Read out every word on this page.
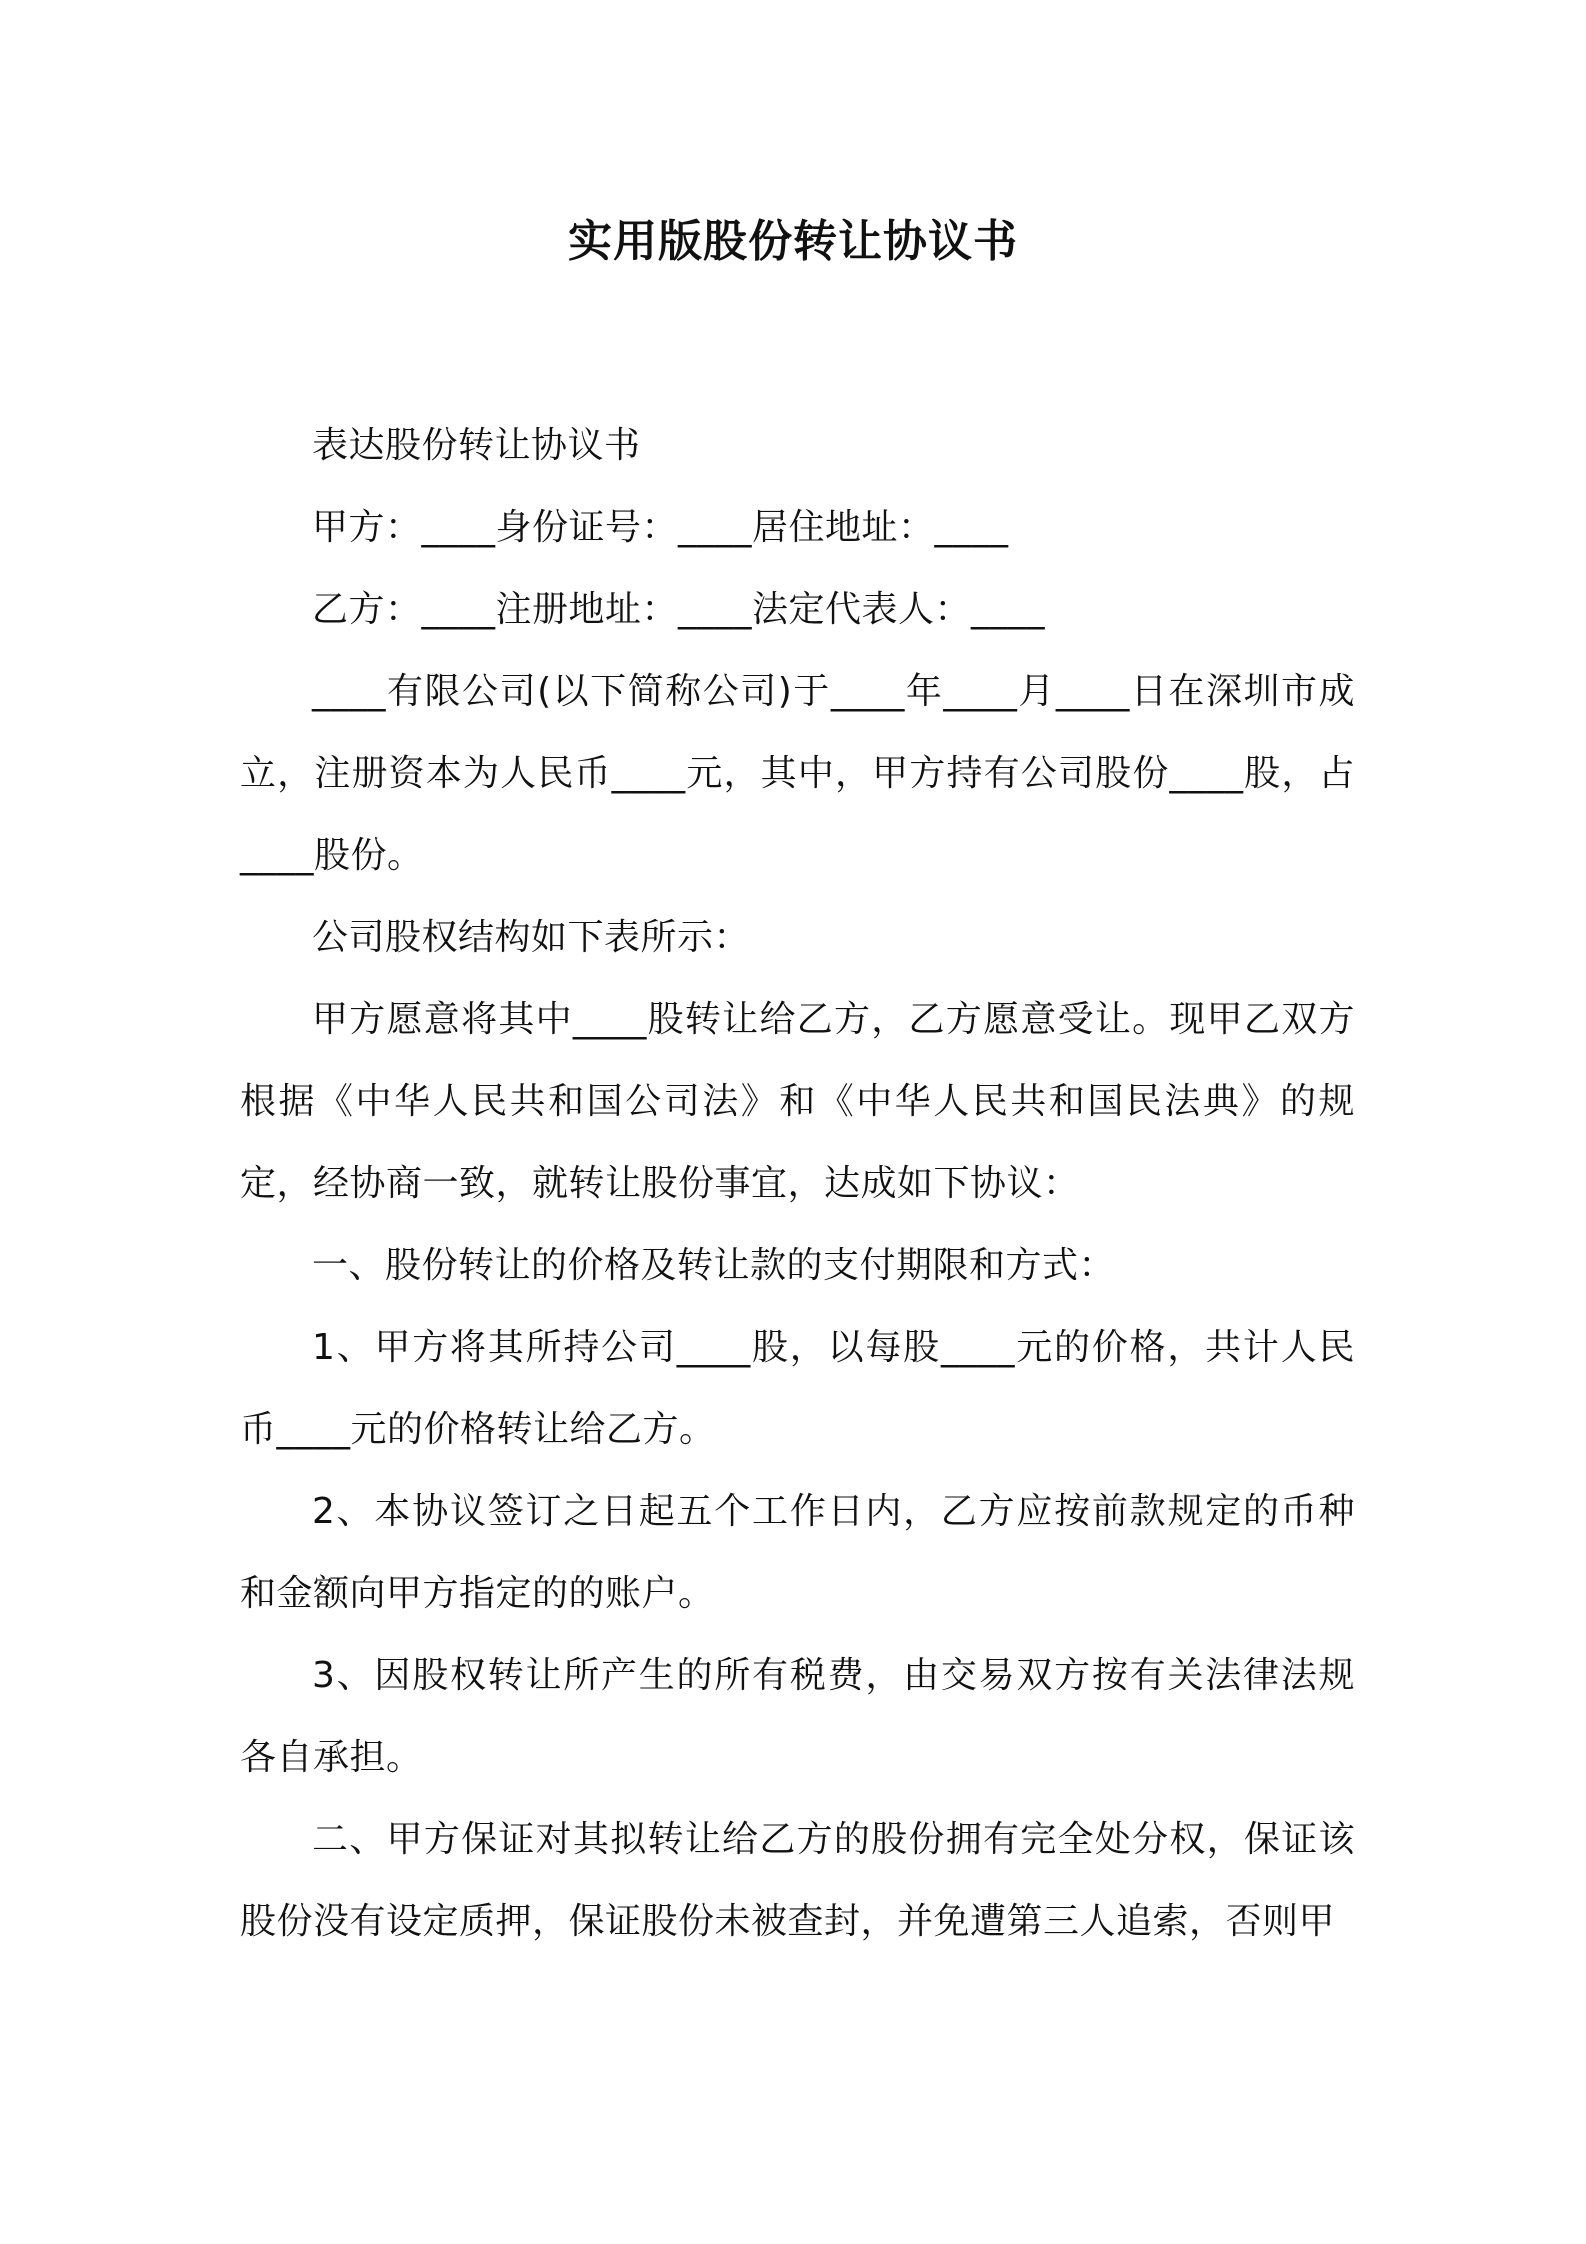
实用版股份转让协议书

表达股份转让协议书

甲方：____身份证号：____居住地址：____

乙方：____注册地址：____法定代表人：____

____有限公司(以下简称公司)于____年____月____日在深圳市成立，注册资本为人民币____元，其中，甲方持有公司股份____股，占____股份。

公司股权结构如下表所示：

甲方愿意将其中____股转让给乙方，乙方愿意受让。现甲乙双方根据《中华人民共和国公司法》和《中华人民共和国民法典》的规定，经协商一致，就转让股份事宜，达成如下协议：

一、股份转让的价格及转让款的支付期限和方式：

1、甲方将其所持公司____股，以每股____元的价格，共计人民币____元的价格转让给乙方。

2、本协议签订之日起五个工作日内，乙方应按前款规定的币种和金额向甲方指定的的账户。

3、因股权转让所产生的所有税费，由交易双方按有关法律法规各自承担。

二、甲方保证对其拟转让给乙方的股份拥有完全处分权，保证该股份没有设定质押，保证股份未被查封，并免遭第三人追索，否则甲
